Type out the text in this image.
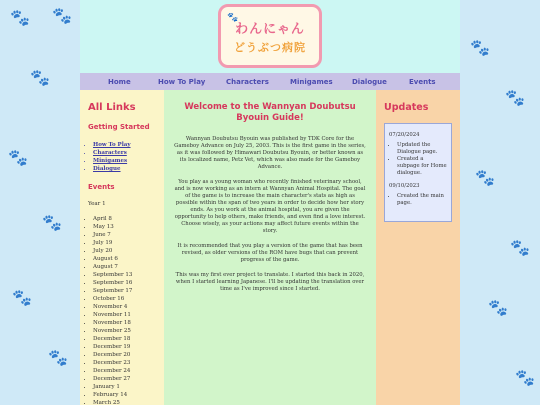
🐾 🐾
🐾
🐾
🐾
🐾
🐾
🐾
🐾
🐾
🐾
🐾
🐾
🐾
わんにゃん
どうぶつ病院
Home	How To Play	Characters	Minigames	Dialogue	Events
All Links
Getting Started
• How To Play
• Characters
• Minigames
• Dialogue
Events
Year 1
• April 8
• May 13
• June 7
• July 19
• July 20
• August 6
• August 7
• September 13
• September 16
• September 17
• October 16
• November 4
• November 11
• November 18
• November 25
• December 18
• December 19
• December 20
• December 23
• December 24
• December 27
• January 1
• February 14
• March 25
Welcome to the Wannyan Doubutsu Byouin Guide!

Wannyan Doubutsu Byouin was published by TDK Core for the Gameboy Advance on July 25, 2003. This is the first game in the series, as it was followed by Himawari Doubutsu Byouin, or better known as its localized name, Petz Vet, which was also made for the Gameboy Advance.

You play as a young woman who recently finished veterinary school, and is now working as an intern at Wannyan Animal Hospital. The goal of the game is to increase the main character's stats as high as possible within the span of two years in order to decide how her story ends. As you work at the animal hospital, you are given the opportunity to help others, make friends, and even find a love interest. Choose wisely, as your actions may affect future events within the story.

It is recommended that you play a version of the game that has been revised, as older versions of the ROM have bugs that can prevent progress of the game.

This was my first ever project to translate. I started this back in 2020, when I started learning Japanese. I'll be updating the translation over time as I've improved since I started.

Updates
07/20/2024
• Updated the Dialogue page.
• Created a subpage for Home dialogue.
09/10/2023
• Created the main page.
